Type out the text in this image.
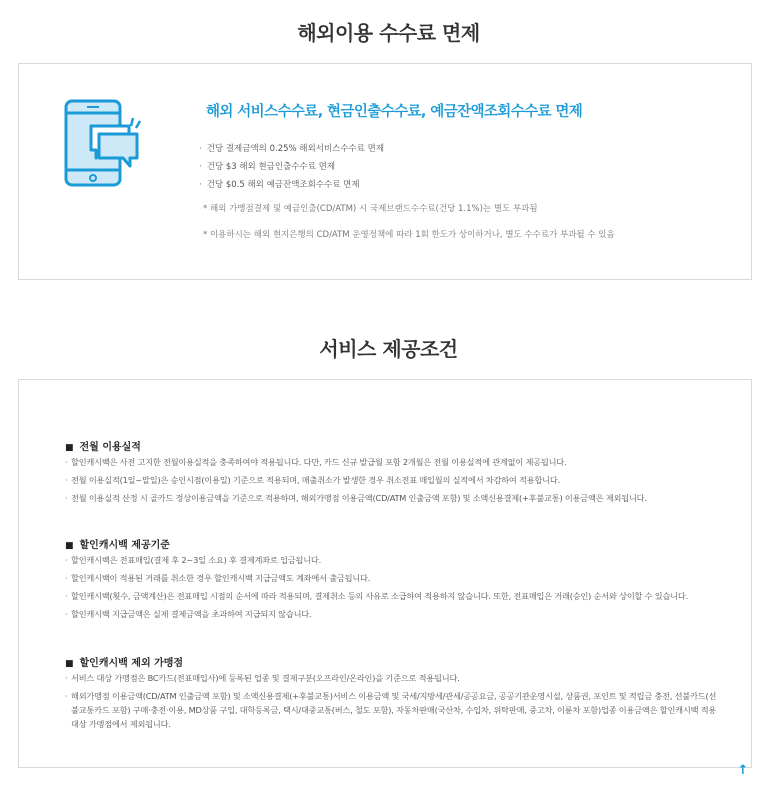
해외이용 수수료 면제
해외 서비스수수료, 현금인출수수료, 예금잔액조회수수료 면제
· 건당 결제금액의 0.25% 해외서비스수수료 면제
· 건당 $3 해외 현금인출수수료 면제
· 건당 $0.5 해외 예금잔액조회수수료 면제
* 해외 가맹점결제 및 예금인출(CD/ATM) 시 국제브랜드수수료(건당 1.1%)는 별도 부과됨
* 이용하시는 해외 현지은행의 CD/ATM 운영정책에 따라 1회 한도가 상이하거나, 별도 수수료가 부과될 수 있음
서비스 제공조건
■ 전월 이용실적
· 할인캐시백은 사전 고지한 전월이용실적을 충족하여야 적용됩니다. 다만, 카드 신규 발급월 포함 2개월은 전월 이용실적에 관계없이 제공됩니다.
· 전월 이용실적(1일~말일)은 승인시점(이용일) 기준으로 적용되며, 매출취소가 발생한 경우 취소전표 매입월의 실적에서 차감하여 적용합니다.
· 전월 이용실적 산정 시 골카드 정상이용금액을 기준으로 적용하며, 해외가맹점 이용금액(CD/ATM 인출금액 포함) 및 소액신용결제(+후불교통) 이용금액은 제외됩니다.
■ 할인캐시백 제공기준
· 할인캐시백은 전표매입(결제 후 2~3일 소요) 후 결제계좌로 입금됩니다.
· 할인캐시백이 적용된 거래를 취소한 경우 할인캐시백 지급금액도 계좌에서 출금됩니다.
· 할인캐시백(횟수, 금액계산)은 전표매입 시점의 순서에 따라 적용되며, 결제취소 등의 사유로 소급하여 적용하지 않습니다. 또한, 전표매입은 거래(승인) 순서와 상이할 수 있습니다.
· 할인캐시백 지급금액은 실제 결제금액을 초과하여 지급되지 않습니다.
■ 할인캐시백 제외 가맹점
· 서비스 대상 가맹점은 BC카드(전표매입사)에 등록된 업종 및 결제구분(오프라인/온라인)을 기준으로 적용됩니다.
· 해외가맹점 이용금액(CD/ATM 인출금액 포함) 및 소액신용결제(+후불교통)서비스 이용금액 및 국세/지방세/관세/공공요금, 공공기관운영시설, 상품권, 포인트 및 적립금 충전, 선불카드(선불교통카드 포함) 구매·충전·이용, MD상품 구입, 대학등록금, 택시/대중교통(버스, 철도 포함), 자동차판매(국산차, 수입차, 위탁판매, 중고차, 이륜차 포함)업종 이용금액은 할인캐시백 적용 대상 가맹점에서 제외됩니다.
↑
